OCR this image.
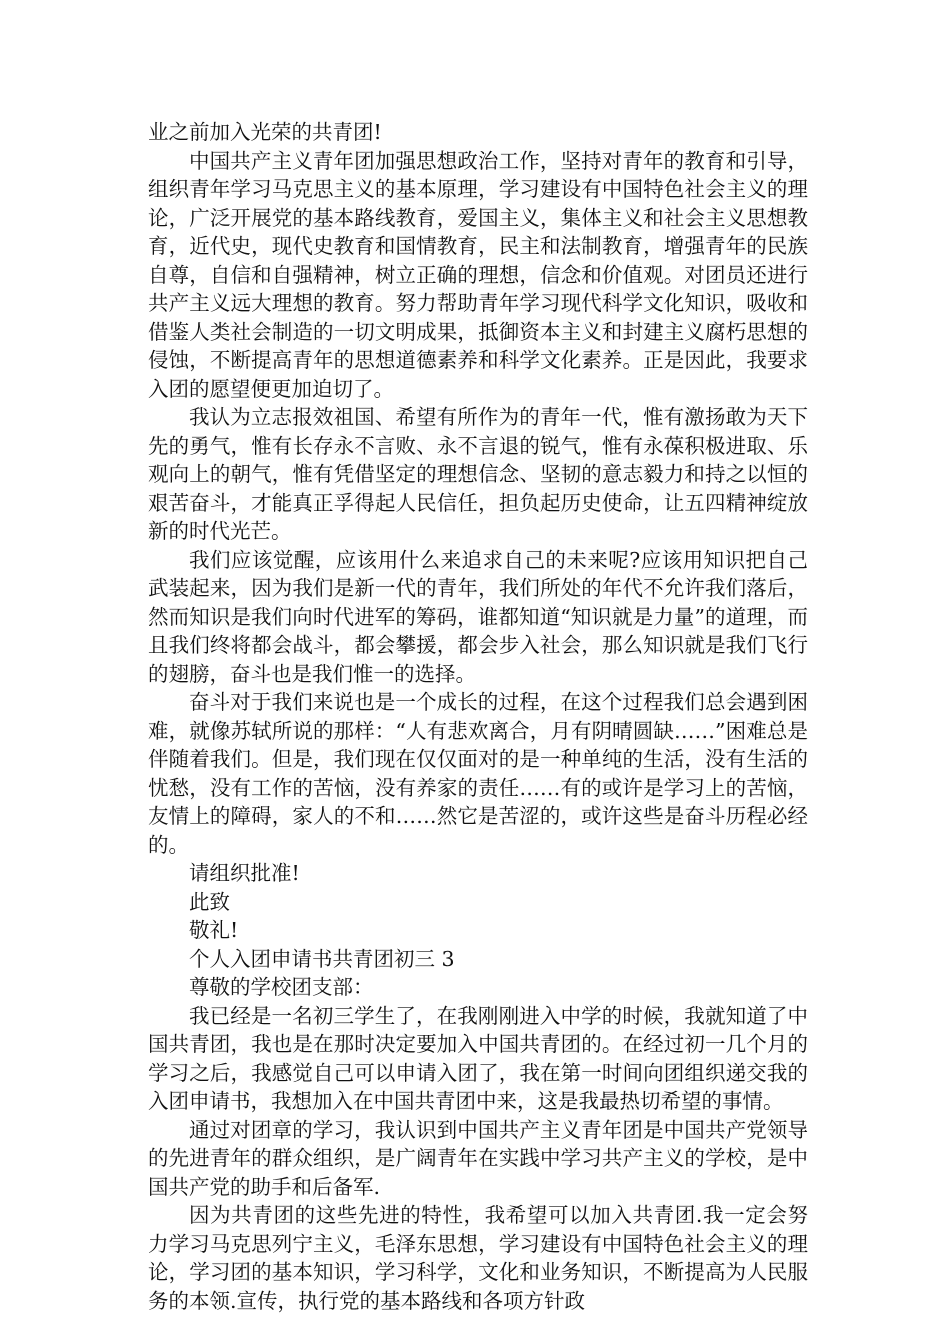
业之前加入光荣的共青团!

中国共产主义青年团加强思想政治工作，坚持对青年的教育和引导，组织青年学习马克思主义的基本原理，学习建设有中国特色社会主义的理论，广泛开展党的基本路线教育，爱国主义，集体主义和社会主义思想教育，近代史，现代史教育和国情教育，民主和法制教育，增强青年的民族自尊，自信和自强精神，树立正确的理想，信念和价值观。对团员还进行共产主义远大理想的教育。努力帮助青年学习现代科学文化知识，吸收和借鉴人类社会制造的一切文明成果，抵御资本主义和封建主义腐朽思想的侵蚀，不断提高青年的思想道德素养和科学文化素养。正是因此，我要求入团的愿望便更加迫切了。

我认为立志报效祖国、希望有所作为的青年一代，惟有激扬敢为天下先的勇气，惟有长存永不言败、永不言退的锐气，惟有永葆积极进取、乐观向上的朝气，惟有凭借坚定的理想信念、坚韧的意志毅力和持之以恒的艰苦奋斗，才能真正孚得起人民信任，担负起历史使命，让五四精神绽放新的时代光芒。

我们应该觉醒，应该用什么来追求自己的未来呢?应该用知识把自己武装起来，因为我们是新一代的青年，我们所处的年代不允许我们落后，然而知识是我们向时代进军的筹码，谁都知道“知识就是力量”的道理，而且我们终将都会战斗，都会攀援，都会步入社会，那么知识就是我们飞行的翅膀，奋斗也是我们惟一的选择。

奋斗对于我们来说也是一个成长的过程，在这个过程我们总会遇到困难，就像苏轼所说的那样：“人有悲欢离合，月有阴晴圆缺……”困难总是伴随着我们。但是，我们现在仅仅面对的是一种单纯的生活，没有生活的忧愁，没有工作的苦恼，没有养家的责任……有的或许是学习上的苦恼，友情上的障碍，家人的不和……然它是苦涩的，或许这些是奋斗历程必经的。

请组织批准!

此致

敬礼!

个人入团申请书共青团初三 3

尊敬的学校团支部：

我已经是一名初三学生了，在我刚刚进入中学的时候，我就知道了中国共青团，我也是在那时决定要加入中国共青团的。在经过初一几个月的学习之后，我感觉自己可以申请入团了，我在第一时间向团组织递交我的入团申请书，我想加入在中国共青团中来，这是我最热切希望的事情。

通过对团章的学习，我认识到中国共产主义青年团是中国共产党领导的先进青年的群众组织，是广阔青年在实践中学习共产主义的学校，是中国共产党的助手和后备军.

因为共青团的这些先进的特性，我希望可以加入共青团.我一定会努力学习马克思列宁主义，毛泽东思想，学习建设有中国特色社会主义的理论，学习团的基本知识，学习科学，文化和业务知识，不断提高为人民服务的本领.宣传，执行党的基本路线和各项方针政
